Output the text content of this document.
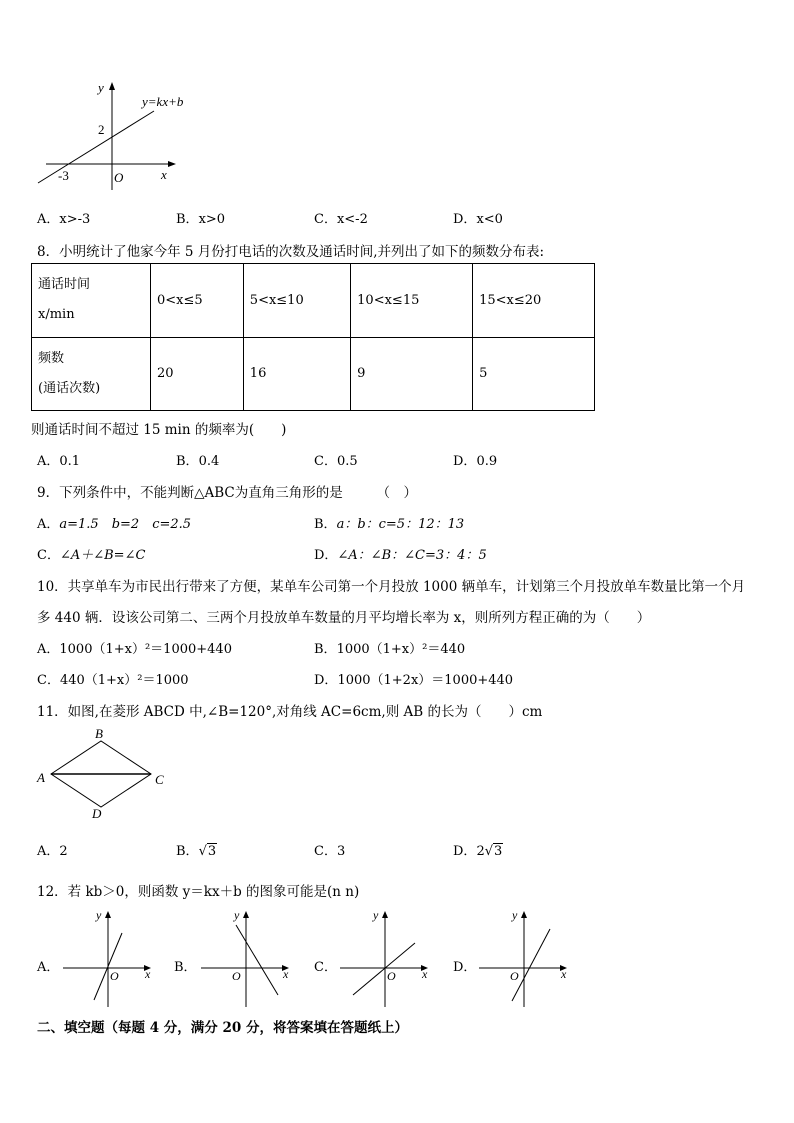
y
y=kx+b
2
-3	O	x
A．x>-3	B．x>0	C．x<-2	D．x<0
8．小明统计了他家今年 5 月份打电话的次数及通话时间,并列出了如下的频数分布表:
通话时间
x/min	0<x≤5	5<x≤10	10<x≤15	15<x≤20

频数
(通话次数)	20	16	9	5
则通话时间不超过 15 min 的频率为(　　)
A．0.1	B．0.4	C．0.5	D．0.9
9．下列条件中，不能判断△ABC为直角三角形的是　　　（　）
A．a=1.5　b=2　c=2.5	B．a：b：c=5：12：13
C．∠A＋∠B=∠C	D．∠A：∠B：∠C=3：4：5
10．共享单车为市民出行带来了方便，某单车公司第一个月投放 1000 辆单车，计划第三个月投放单车数量比第一个月
多 440 辆．设该公司第二、三两个月投放单车数量的月平均增长率为 x，则所列方程正确的为（　　）
A．1000（1+x）²＝1000+440	B．1000（1+x）²＝440
C．440（1+x）²＝1000	D．1000（1+2x）＝1000+440
11．如图,在菱形 ABCD 中,∠B=120°,对角线 AC=6cm,则 AB 的长为（　　）cm
B
A	C
D
A．2	B．√3	C．3	D．2√3
12．若 kb＞0，则函数 y＝kx＋b 的图象可能是(n n)
A．
y
O x B．
y
O	x C．
y
O x D．
y
O	x
二、填空题（每题 4 分，满分 20 分，将答案填在答题纸上）
